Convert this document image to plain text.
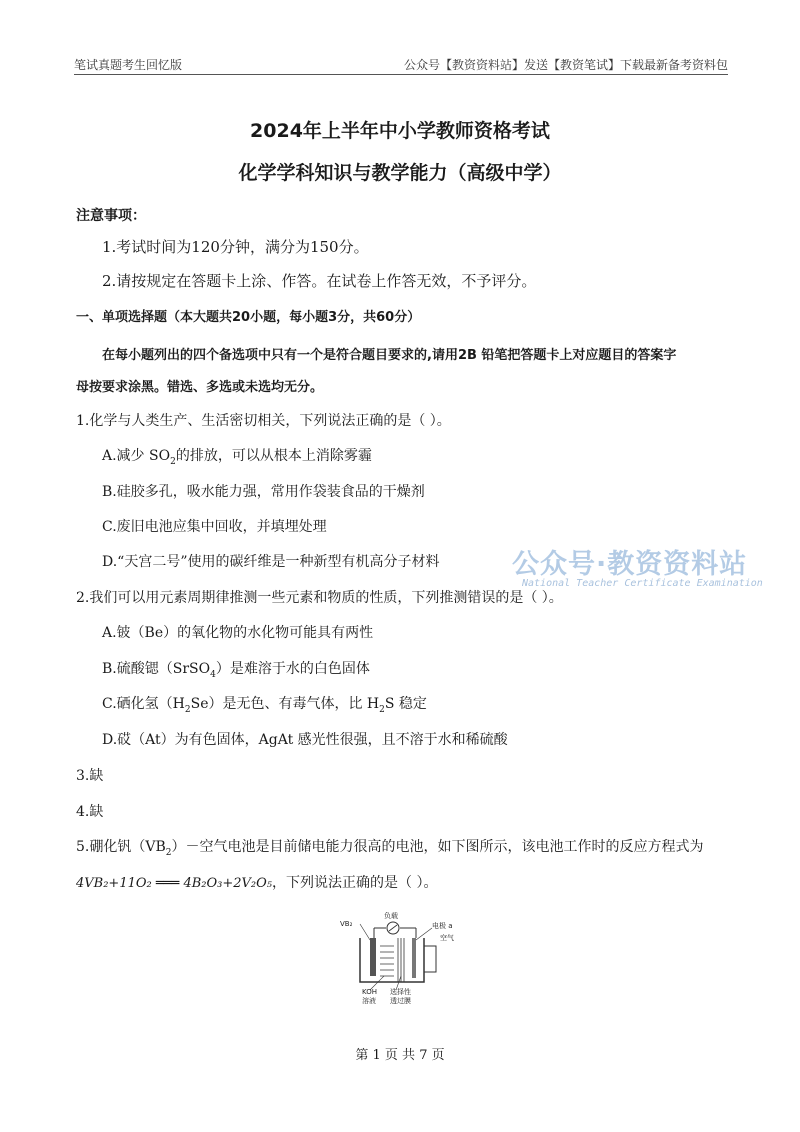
笔试真题考生回忆版	公众号【教资资料站】发送【教资笔试】下载最新备考资料包
2024年上半年中小学教师资格考试
化学学科知识与教学能力（高级中学）
注意事项：
1.考试时间为120分钟，满分为150分。
2.请按规定在答题卡上涂、作答。在试卷上作答无效，不予评分。
一、单项选择题（本大题共20小题，每小题3分，共60分）
在每小题列出的四个备选项中只有一个是符合题目要求的,请用2B 铅笔把答题卡上对应题目的答案字
母按要求涂黑。错选、多选或未选均无分。
1.化学与人类生产、生活密切相关，下列说法正确的是（ ）。
A.减少 $SO_2$的排放，可以从根本上消除雾霾
B.硅胶多孔，吸水能力强，常用作袋装食品的干燥剂
C.废旧电池应集中回收，并填埋处理
D.“天宫二号”使用的碳纤维是一种新型有机高分子材料	公众号·教资资料站
National Teacher Certificate Examination
2.我们可以用元素周期律推测一些元素和物质的性质，下列推测错误的是（ ）。
A.铍（Be）的氧化物的水化物可能具有两性
B.硫酸锶（SrSO$_4$）是难溶于水的白色固体
C.硒化氢$(H_2Se)$是无色、有毒气体，比 $H_2S$ 稳定
D.砹（At）为有色固体，AgAt 感光性很强，且不溶于水和稀硫酸
3.缺
4.缺
5.硼化钒$(VB_2)-$空气电池是目前储电能力很高的电池，如下图所示，该电池工作时的反应方程式为
4VB₂+11O₂ ═══ 4B₂O₃+2V₂O₅，下列说法正确的是（ ）。
负载
VB₂	电极 a
空气
KOH
溶液
选择性
透过膜
第 1 页 共 7 页
